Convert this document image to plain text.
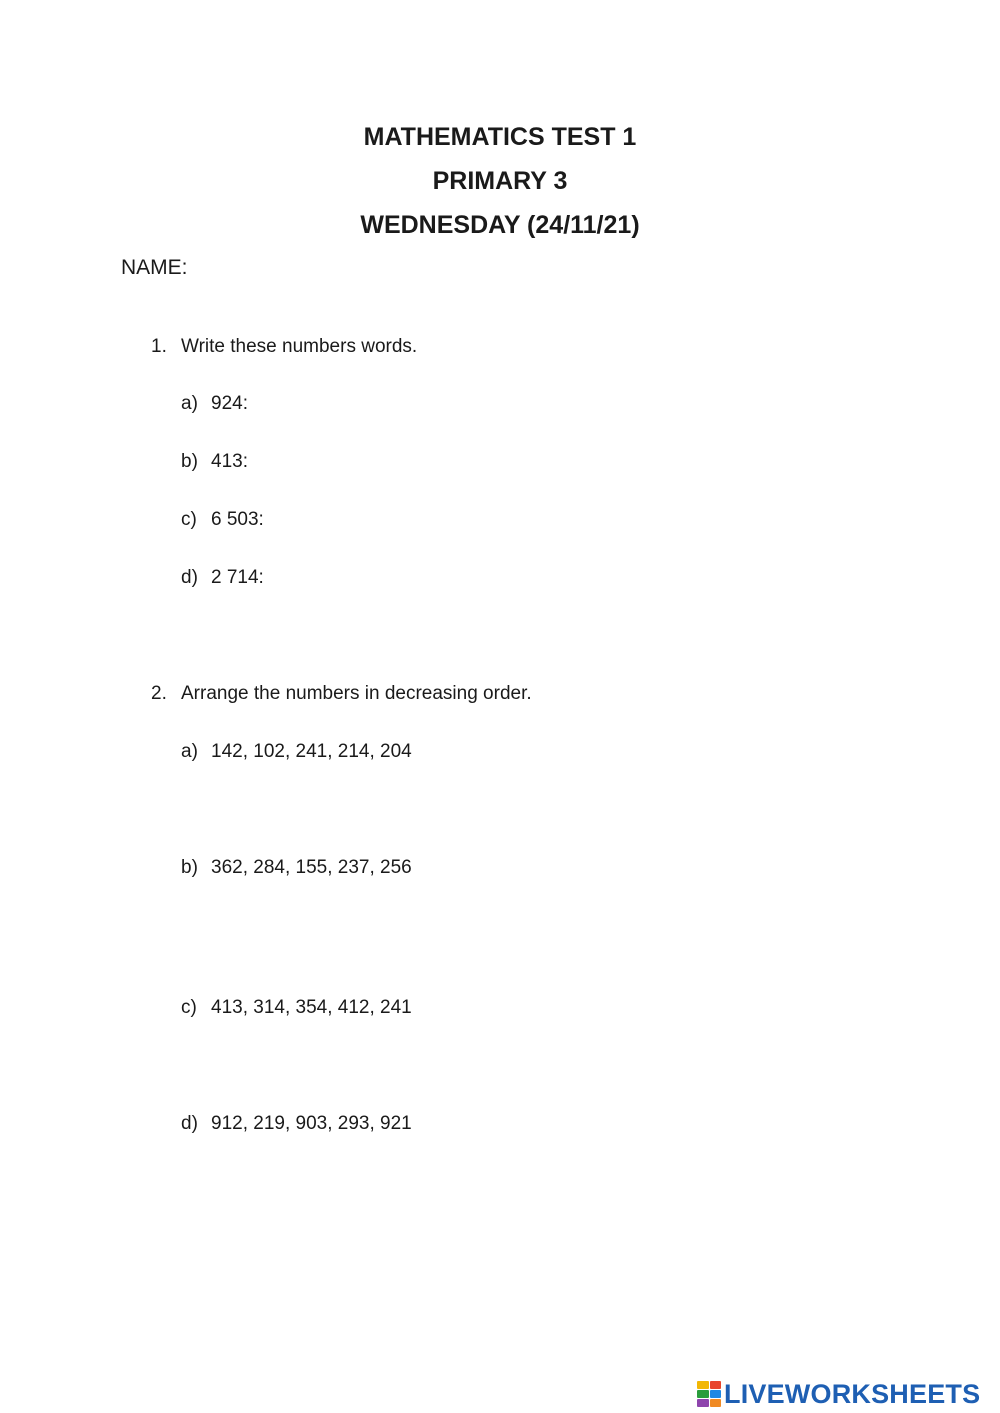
MATHEMATICS TEST 1
PRIMARY 3
WEDNESDAY (24/11/21)
NAME:
1. Write these numbers words.
a) 924:
b) 413:
c) 6 503:
d) 2 714:
2. Arrange the numbers in decreasing order.
a) 142, 102, 241, 214, 204
b) 362, 284, 155, 237, 256
c) 413, 314, 354, 412, 241
d) 912, 219, 903, 293, 921
LIVEWORKSHEETS
